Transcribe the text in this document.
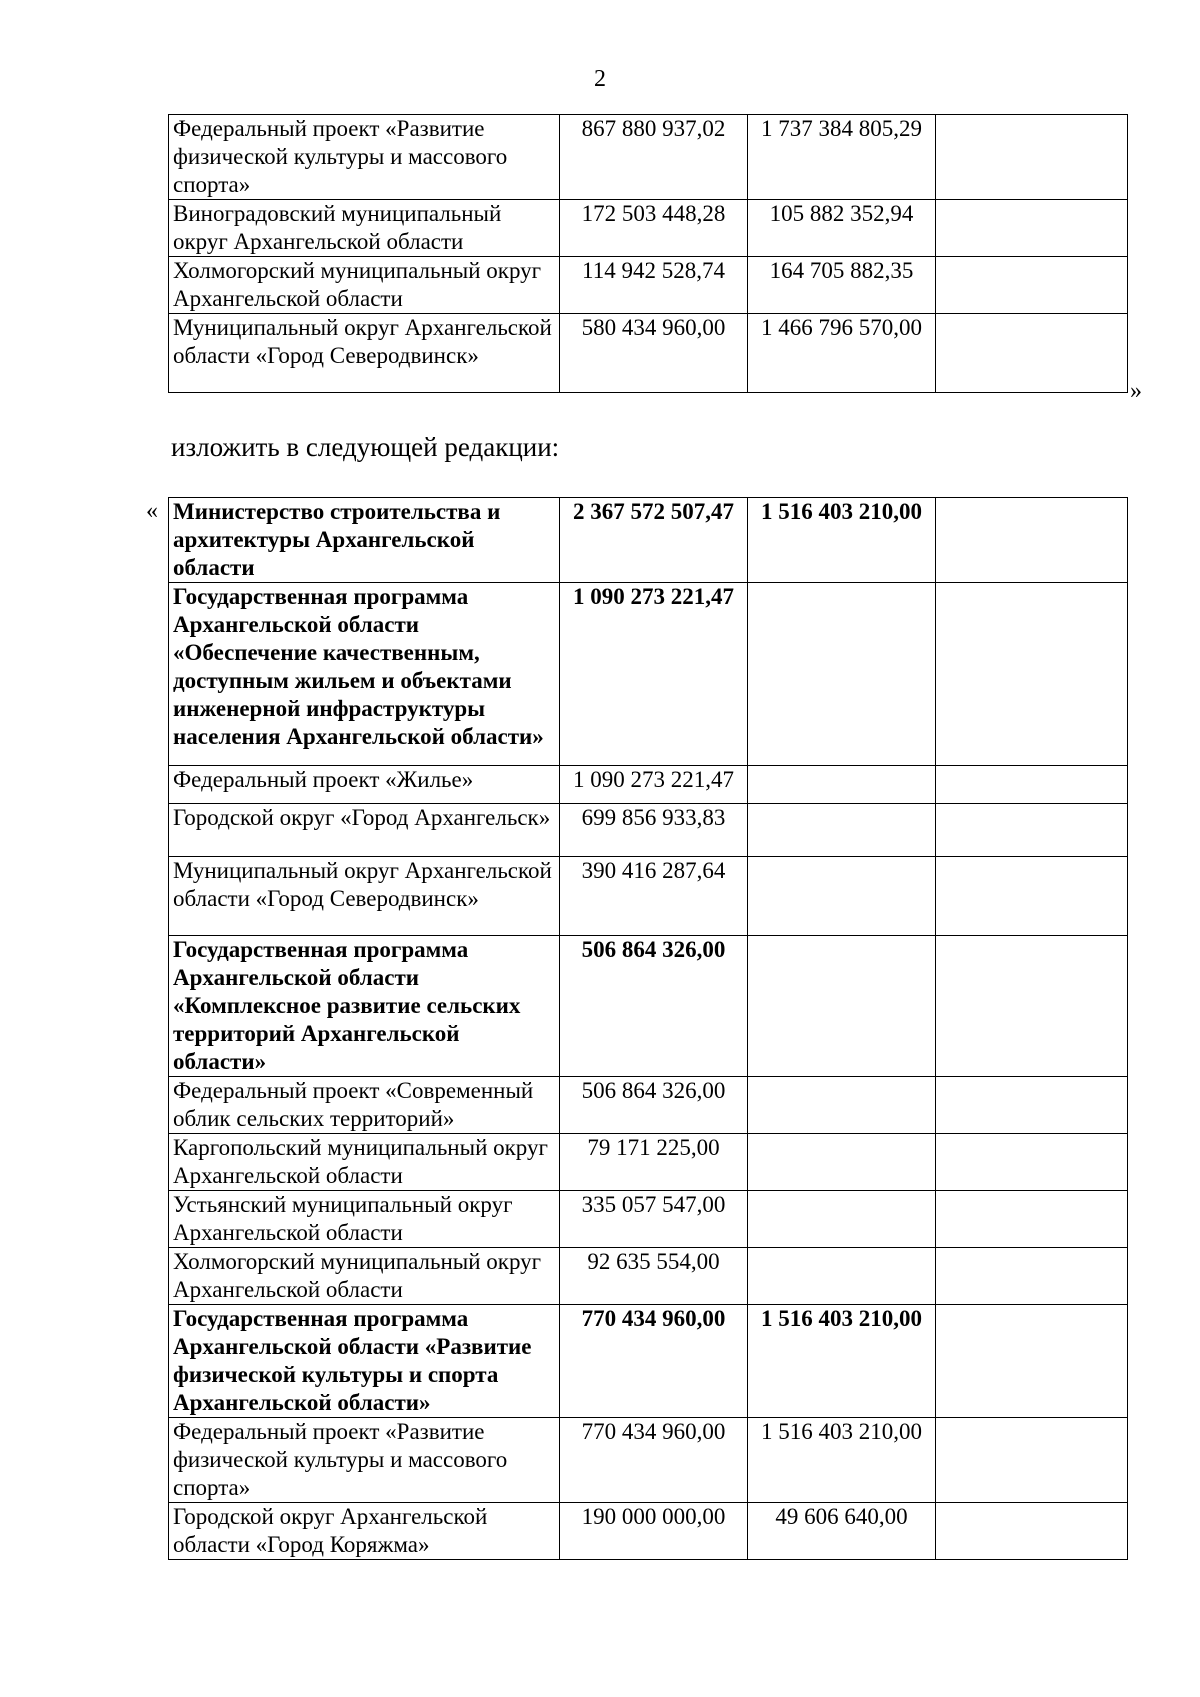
2
Федеральный проект «Развитие физической культуры и массового спорта»	867 880 937,02	1 737 384 805,29	
Виноградовский муниципальный округ Архангельской области	172 503 448,28	105 882 352,94	
Холмогорский муниципальный округ Архангельской области	114 942 528,74	164 705 882,35	
Муниципальный округ Архангельской области «Город Северодвинск»	580 434 960,00	1 466 796 570,00	
»
изложить в следующей редакции:
« Министерство строительства и архитектуры Архангельской области	2 367 572 507,47	1 516 403 210,00	
Государственная программа Архангельской области «Обеспечение качественным, доступным жильем и объектами инженерной инфраструктуры населения Архангельской области»	1 090 273 221,47		
Федеральный проект «Жилье»	1 090 273 221,47		
Городской округ «Город Архангельск»	699 856 933,83		
Муниципальный округ Архангельской области «Город Северодвинск»	390 416 287,64		
Государственная программа Архангельской области «Комплексное развитие сельских территорий Архангельской области»	506 864 326,00		
Федеральный проект «Современный облик сельских территорий»	506 864 326,00		
Каргопольский муниципальный округ Архангельской области	79 171 225,00		
Устьянский муниципальный округ Архангельской области	335 057 547,00		
Холмогорский муниципальный округ Архангельской области	92 635 554,00		
Государственная программа Архангельской области «Развитие физической культуры и спорта Архангельской области»	770 434 960,00	1 516 403 210,00	
Федеральный проект «Развитие физической культуры и массового спорта»	770 434 960,00	1 516 403 210,00	
Городской округ Архангельской области «Город Коряжма»	190 000 000,00	49 606 640,00	
